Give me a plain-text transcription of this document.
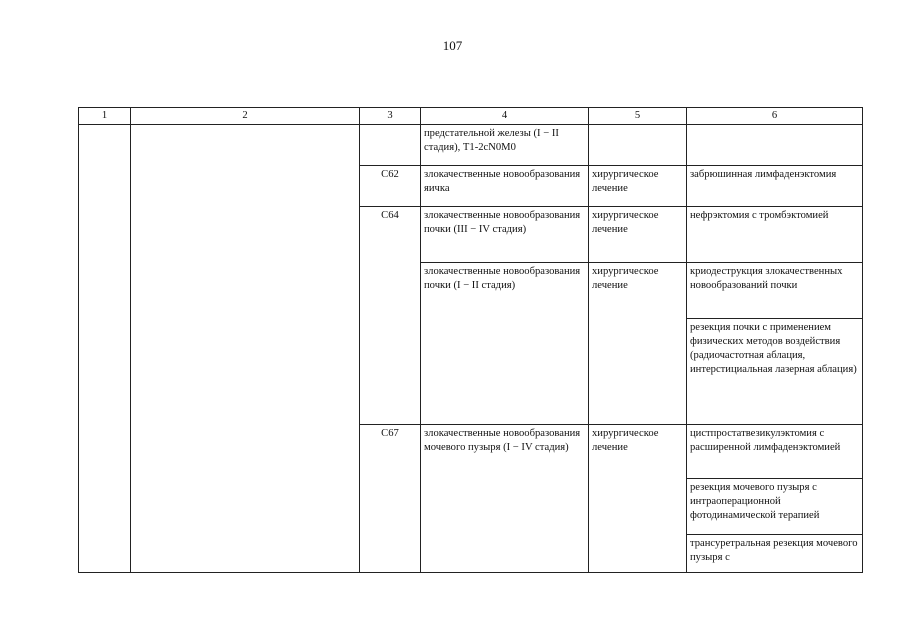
107
1	2	3	4	5	6
			предстательной железы (I − II стадия), T1-2cN0M0		
		C62	злокачественные новообразования яичка	хирургическое лечение	забрюшинная лимфаденэктомия
		C64	злокачественные новообразования почки (III − IV стадия)	хирургическое лечение	нефрэктомия с тромбэктомией
			злокачественные новообразования почки (I − II стадия)	хирургическое лечение	криодеструкция злокачественных новообразований почки
					резекция почки с применением физических методов воздействия (радиочастотная аблация, интерстициальная лазерная аблация)
		C67	злокачественные новообразования мочевого пузыря (I − IV стадия)	хирургическое лечение	цистпростатвезикулэктомия с расширенной лимфаденэктомией
					резекция мочевого пузыря с интраоперационной фотодинамической терапией
					трансуретральная резекция мочевого пузыря с
